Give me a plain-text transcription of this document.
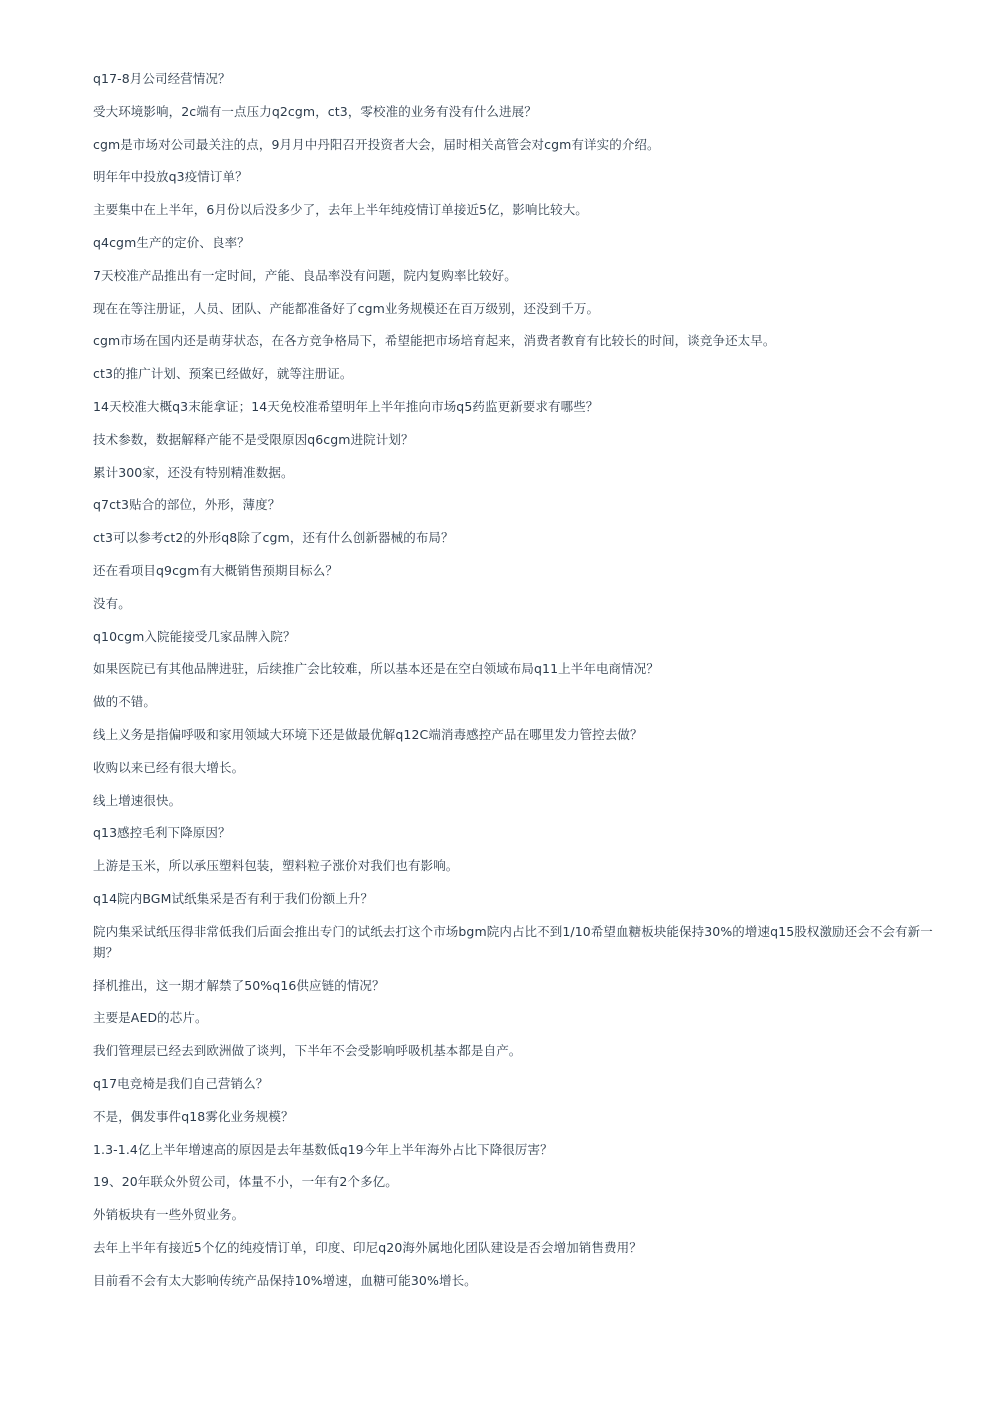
q17-8月公司经营情况？

受大环境影响，2c端有一点压力q2cgm，ct3，零校准的业务有没有什么进展？

cgm是市场对公司最关注的点，9月月中丹阳召开投资者大会，届时相关高管会对cgm有详实的介绍。

明年年中投放q3疫情订单？

主要集中在上半年，6月份以后没多少了，去年上半年纯疫情订单接近5亿，影响比较大。

q4cgm生产的定价、良率？

7天校准产品推出有一定时间，产能、良品率没有问题，院内复购率比较好。

现在在等注册证，人员、团队、产能都准备好了cgm业务规模还在百万级别，还没到千万。

cgm市场在国内还是萌芽状态，在各方竞争格局下，希望能把市场培育起来，消费者教育有比较长的时间，谈竞争还太早。

ct3的推广计划、预案已经做好，就等注册证。

14天校准大概q3末能拿证；14天免校准希望明年上半年推向市场q5药监更新要求有哪些？

技术参数，数据解释产能不是受限原因q6cgm进院计划？

累计300家，还没有特别精准数据。

q7ct3贴合的部位，外形，薄度？

ct3可以参考ct2的外形q8除了cgm，还有什么创新器械的布局？

还在看项目q9cgm有大概销售预期目标么？

没有。

q10cgm入院能接受几家品牌入院？

如果医院已有其他品牌进驻，后续推广会比较难，所以基本还是在空白领域布局q11上半年电商情况？

做的不错。

线上义务是指偏呼吸和家用领域大环境下还是做最优解q12C端消毒感控产品在哪里发力管控去做？

收购以来已经有很大增长。

线上增速很快。

q13感控毛利下降原因？

上游是玉米，所以承压塑料包装，塑料粒子涨价对我们也有影响。

q14院内BGM试纸集采是否有利于我们份额上升？

院内集采试纸压得非常低我们后面会推出专门的试纸去打这个市场bgm院内占比不到1/10希望血糖板块能保持30%的增速q15股权激励还会不会有新一期？

择机推出，这一期才解禁了50%q16供应链的情况？

主要是AED的芯片。

我们管理层已经去到欧洲做了谈判，下半年不会受影响呼吸机基本都是自产。

q17电竞椅是我们自己营销么？

不是，偶发事件q18雾化业务规模？

1.3-1.4亿上半年增速高的原因是去年基数低q19今年上半年海外占比下降很厉害？

19、20年联众外贸公司，体量不小，一年有2个多亿。

外销板块有一些外贸业务。

去年上半年有接近5个亿的纯疫情订单，印度、印尼q20海外属地化团队建设是否会增加销售费用？

目前看不会有太大影响传统产品保持10%增速，血糖可能30%增长。
